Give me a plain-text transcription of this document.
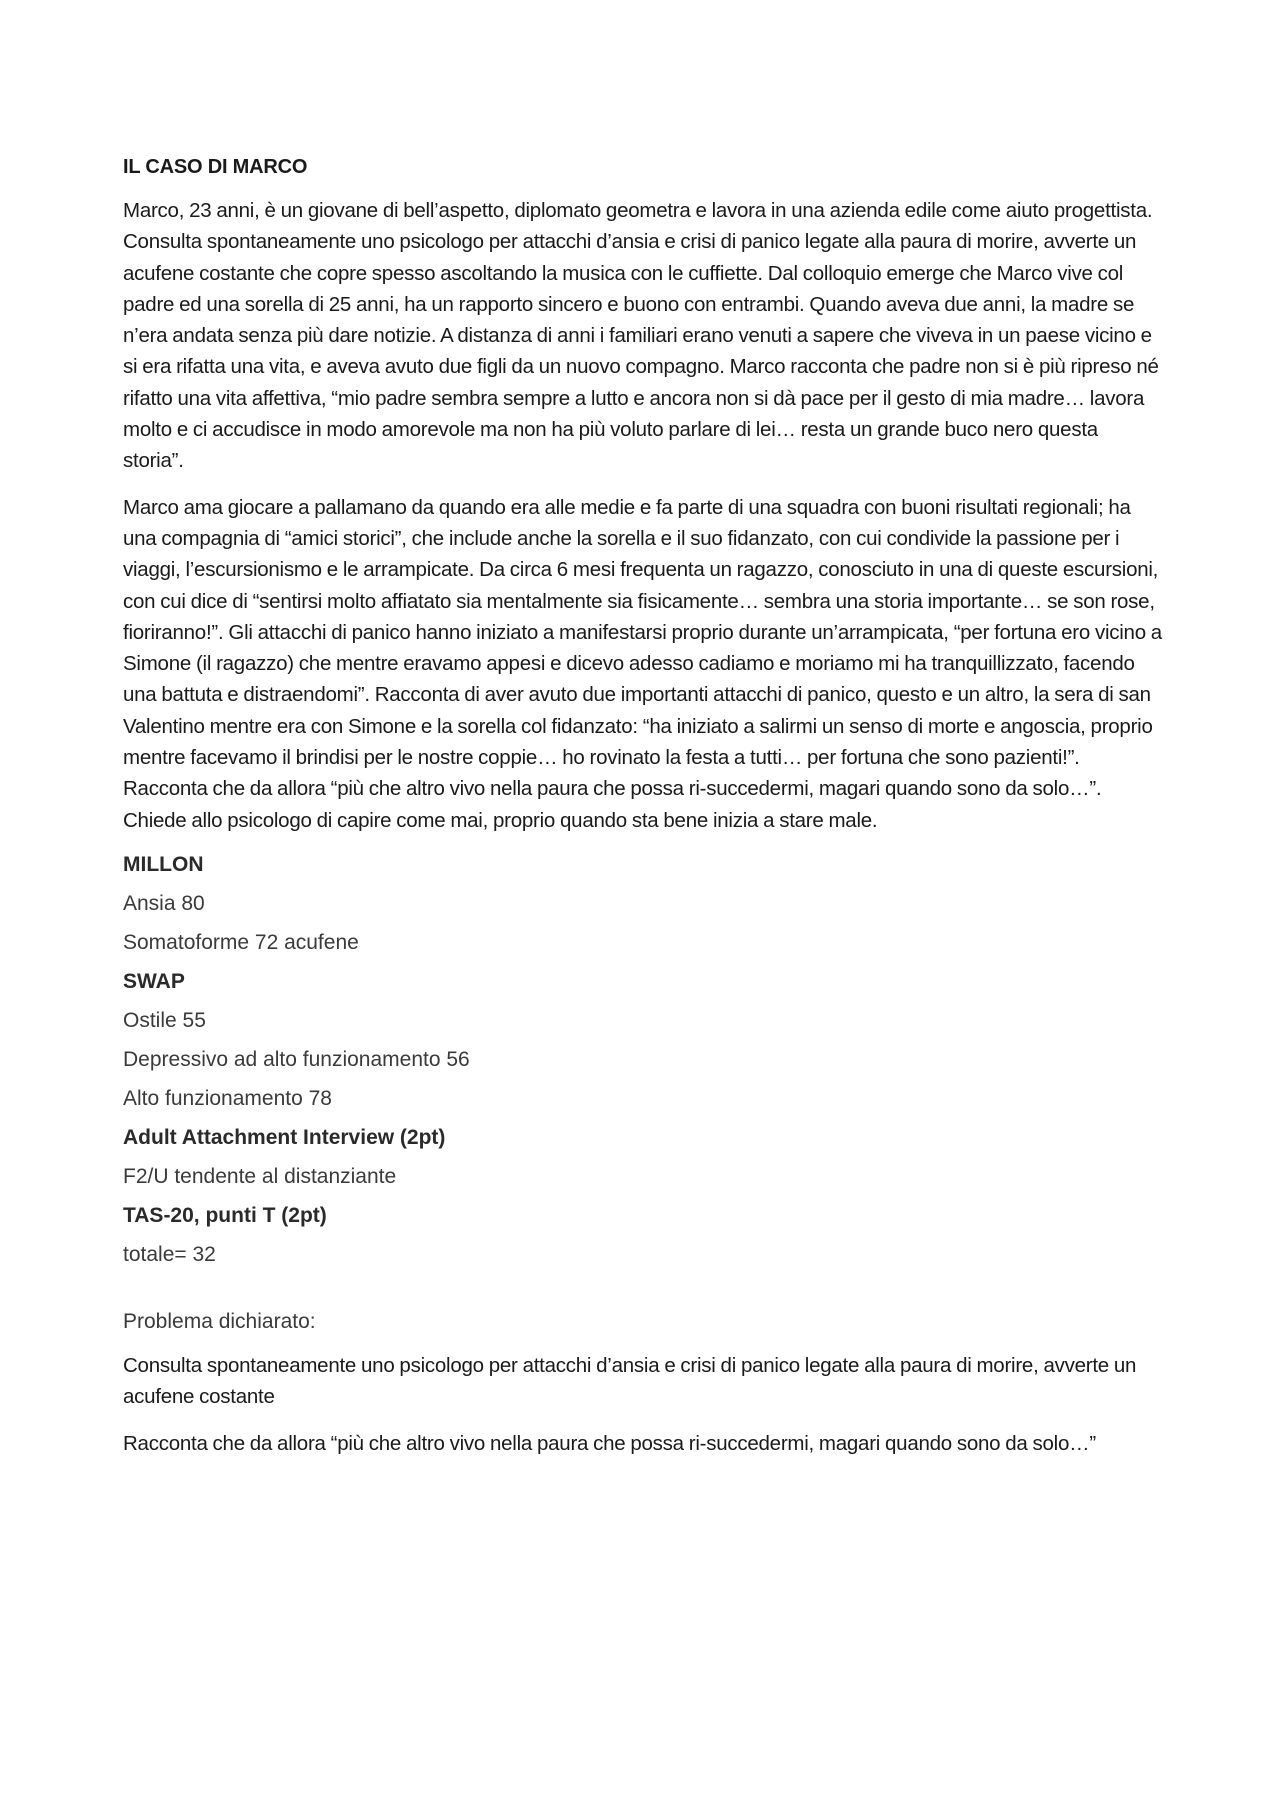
IL CASO DI MARCO

Marco, 23 anni, è un giovane di bell’aspetto, diplomato geometra e lavora in una azienda edile come aiuto progettista. Consulta spontaneamente uno psicologo per attacchi d’ansia e crisi di panico legate alla paura di morire, avverte un acufene costante che copre spesso ascoltando la musica con le cuffiette. Dal colloquio emerge che Marco vive col padre ed una sorella di 25 anni, ha un rapporto sincero e buono con entrambi. Quando aveva due anni, la madre se n’era andata senza più dare notizie. A distanza di anni i familiari erano venuti a sapere che viveva in un paese vicino e si era rifatta una vita, e aveva avuto due figli da un nuovo compagno. Marco racconta che padre non si è più ripreso né rifatto una vita affettiva, “mio padre sembra sempre a lutto e ancora non si dà pace per il gesto di mia madre… lavora molto e ci accudisce in modo amorevole ma non ha più voluto parlare di lei… resta un grande buco nero questa storia”.

Marco ama giocare a pallamano da quando era alle medie e fa parte di una squadra con buoni risultati regionali; ha una compagnia di “amici storici”, che include anche la sorella e il suo fidanzato, con cui condivide la passione per i viaggi, l’escursionismo e le arrampicate. Da circa 6 mesi frequenta un ragazzo, conosciuto in una di queste escursioni, con cui dice di “sentirsi molto affiatato sia mentalmente sia fisicamente… sembra una storia importante… se son rose, fioriranno!”. Gli attacchi di panico hanno iniziato a manifestarsi proprio durante un’arrampicata, “per fortuna ero vicino a Simone (il ragazzo) che mentre eravamo appesi e dicevo adesso cadiamo e moriamo mi ha tranquillizzato, facendo una battuta e distraendomi”. Racconta di aver avuto due importanti attacchi di panico, questo e un altro, la sera di san Valentino mentre era con Simone e la sorella col fidanzato: “ha iniziato a salirmi un senso di morte e angoscia, proprio mentre facevamo il brindisi per le nostre coppie… ho rovinato la festa a tutti… per fortuna che sono pazienti!”. Racconta che da allora “più che altro vivo nella paura che possa ri-succedermi, magari quando sono da solo…”. Chiede allo psicologo di capire come mai, proprio quando sta bene inizia a stare male.

MILLON

Ansia 80

Somatoforme 72 acufene

SWAP

Ostile 55

Depressivo ad alto funzionamento 56

Alto funzionamento 78

Adult Attachment Interview (2pt)

F2/U tendente al distanziante

TAS-20, punti T (2pt)

totale= 32

Problema dichiarato:

Consulta spontaneamente uno psicologo per attacchi d’ansia e crisi di panico legate alla paura di morire, avverte un acufene costante

Racconta che da allora “più che altro vivo nella paura che possa ri-succedermi, magari quando sono da solo…”
